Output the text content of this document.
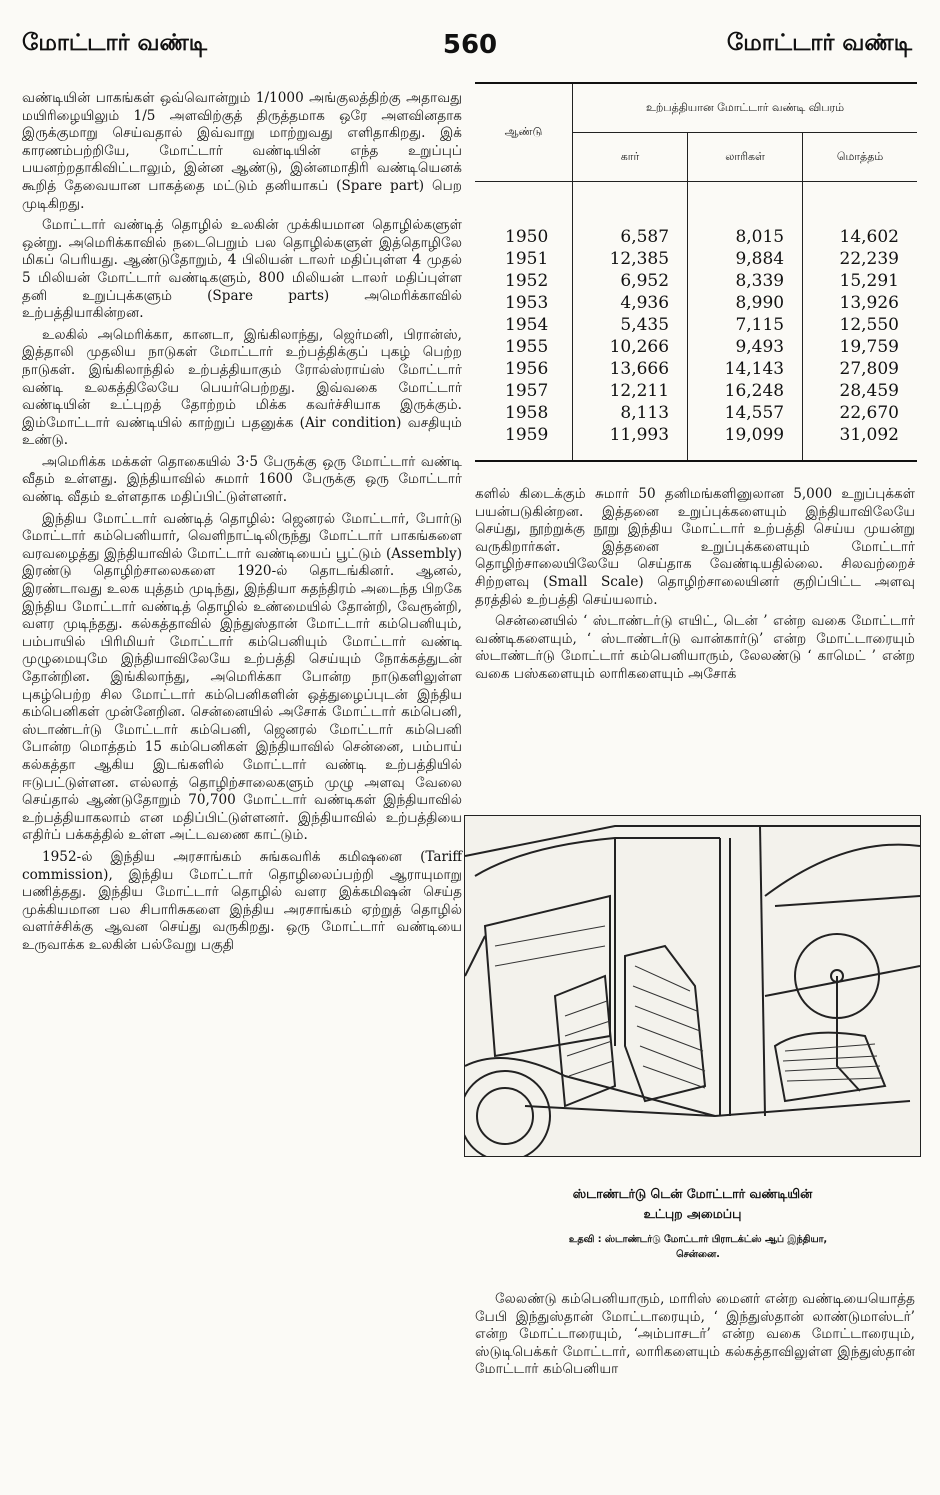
மோட்டார் வண்டி	560	மோட்டார் வண்டி

வண்டியின் பாகங்கள் ஒவ்வொன்றும் 1/1000 அங்குலத்திற்கு அதாவது மயிரிழையிலும் 1/5 அளவிற்குத் திருத்தமாக ஒரே அளவினதாக இருக்குமாறு செய்வதால் இவ்வாறு மாற்றுவது எளிதாகிறது. இக் காரணம்பற்றியே, மோட்டார் வண்டியின் எந்த உறுப்புப் பயனற்றதாகிவிட்டாலும், இன்ன ஆண்டு, இன்னமாதிரி வண்டியெனக் கூறித் தேவையான பாகத்தை மட்டும் தனியாகப் (Spare part) பெற முடிகிறது.

மோட்டார் வண்டித் தொழில் உலகின் முக்கியமான தொழில்களுள் ஒன்று. அமெரிக்காவில் நடைபெறும் பல தொழில்களுள் இத்தொழிலே மிகப் பெரியது. ஆண்டுதோறும், 4 பிலியன் டாலர் மதிப்புள்ள 4 முதல் 5 மிலியன் மோட்டார் வண்டிகளும், 800 மிலியன் டாலர் மதிப்புள்ள தனி உறுப்புக்களும் (Spare parts) அமெரிக்காவில் உற்பத்தியாகின்றன.

உலகில் அமெரிக்கா, கானடா, இங்கிலாந்து, ஜெர்மனி, பிரான்ஸ், இத்தாலி முதலிய நாடுகள் மோட்டார் உற்பத்திக்குப் புகழ் பெற்ற நாடுகள். இங்கிலாந்தில் உற்பத்தியாகும் ரோல்ஸ்ராய்ஸ் மோட்டார் வண்டி உலகத்திலேயே பெயர்பெற்றது. இவ்வகை மோட்டார் வண்டியின் உட்புறத் தோற்றம் மிக்க கவர்ச்சியாக இருக்கும். இம்மோட்டார் வண்டியில் காற்றுப் பதனுக்க (Air condition) வசதியும் உண்டு.

அமெரிக்க மக்கள் தொகையில் 3·5 பேருக்கு ஒரு மோட்டார் வண்டி வீதம் உள்ளது. இந்தியாவில் சுமார் 1600 பேருக்கு ஒரு மோட்டார் வண்டி வீதம் உள்ளதாக மதிப்பிட்டுள்ளனர்.

இந்திய மோட்டார் வண்டித் தொழில்: ஜெனரல் மோட்டார், போர்டு மோட்டார் கம்பெனியார், வெளிநாட்டிலிருந்து மோட்டார் பாகங்களை வரவழைத்து இந்தியாவில் மோட்டார் வண்டியைப் பூட்டும் (Assembly) இரண்டு தொழிற்சாலைகளை 1920-ல் தொடங்கினர். ஆனல், இரண்டாவது உலக யுத்தம் முடிந்து, இந்தியா சுதந்திரம் அடைந்த பிறகே இந்திய மோட்டார் வண்டித் தொழில் உண்மையில் தோன்றி, வேரூன்றி, வளர முடிந்தது. கல்கத்தாவில் இந்துஸ்தான் மோட்டார் கம்பெனியும், பம்பாயில் பிரிமியர் மோட்டார் கம்பெனியும் மோட்டார் வண்டி முழுமையுமே இந்தியாவிலேயே உற்பத்தி செய்யும் நோக்கத்துடன் தோன்றின. இங்கிலாந்து, அமெரிக்கா போன்ற நாடுகளிலுள்ள புகழ்பெற்ற சில மோட்டார் கம்பெனிகளின் ஒத்துழைப்புடன் இந்திய கம்பெனிகள் முன்னேறின. சென்னையில் அசோக் மோட்டார் கம்பெனி, ஸ்டாண்டர்டு மோட்டார் கம்பெனி, ஜெனரல் மோட்டார் கம்பெனி போன்ற மொத்தம் 15 கம்பெனிகள் இந்தியாவில் சென்னை, பம்பாய் கல்கத்தா ஆகிய இடங்களில் மோட்டார் வண்டி உற்பத்தியில் ஈடுபட்டுள்ளன. எல்லாத் தொழிற்சாலைகளும் முழு அளவு வேலை செய்தால் ஆண்டுதோறும் 70,700 மோட்டார் வண்டிகள் இந்தியாவில் உற்பத்தியாகலாம் என மதிப்பிட்டுள்ளனர். இந்தியாவில் உற்பத்தியை எதிர்ப் பக்கத்தில் உள்ள அட்டவணை காட்டும்.

1952-ல் இந்திய அரசாங்கம் சுங்கவரிக் கமிஷனை (Tariff commission), இந்திய மோட்டார் தொழிலைப்பற்றி ஆராயுமாறு பணித்தது. இந்திய மோட்டார் தொழில் வளர இக்கமிஷன் செய்த முக்கியமான பல சிபாரிசுகளை இந்திய அரசாங்கம் ஏற்றுத் தொழில் வளர்ச்சிக்கு ஆவன செய்து வருகிறது. ஒரு மோட்டார் வண்டியை உருவாக்க உலகின் பல்வேறு பகுதி

ஆண்டு	உற்பத்தியான மோட்டார் வண்டி விபரம்		
	கார்	லாரிகள்	மொத்தம்
1950	6,587	8,015	14,602
1951	12,385	9,884	22,239
1952	6,952	8,339	15,291
1953	4,936	8,990	13,926
1954	5,435	7,115	12,550
1955	10,266	9,493	19,759
1956	13,666	14,143	27,809
1957	12,211	16,248	28,459
1958	8,113	14,557	22,670
1959	11,993	19,099	31,092

களில் கிடைக்கும் சுமார் 50 தனிமங்களினுலான 5,000 உறுப்புக்கள் பயன்படுகின்றன. இத்தனை உறுப்புக்களையும் இந்தியாவிலேயே செய்து, நூற்றுக்கு நூறு இந்திய மோட்டார் உற்பத்தி செய்ய முயன்று வருகிறார்கள். இத்தனை உறுப்புக்களையும் மோட்டார் தொழிற்சாலையிலேயே செய்தாக வேண்டியதில்லை. சிலவற்றைச் சிற்றளவு (Small Scale) தொழிற்சாலையினர் குறிப்பிட்ட அளவு தரத்தில் உற்பத்தி செய்யலாம்.

சென்னையில் ‘ ஸ்டாண்டர்டு எயிட், டென் ’ என்ற வகை மோட்டார் வண்டிகளையும், ‘ ஸ்டாண்டர்டு வான்கார்டு’ என்ற மோட்டாரையும் ஸ்டாண்டர்டு மோட்டார் கம்பெனியாரும், லேலண்டு ‘ காமெட் ’ என்ற வகை பஸ்களையும் லாரிகளையும் அசோக்

ஸ்டாண்டர்டு டென் மோட்டார் வண்டியின்
உட்புற அமைப்பு
உதவி : ஸ்டாண்டர்டு மோட்டார் பிராடக்ட்ஸ் ஆப் இந்தியா,
சென்னை.

லேலண்டு கம்பெனியாரும், மாரிஸ் மைனர் என்ற வண்டியையொத்த பேபி இந்துஸ்தான் மோட்டாரையும், ‘ இந்துஸ்தான் லாண்டுமாஸ்டர்’ என்ற மோட்டாரையும், ‘அம்பாசடர்’ என்ற வகை மோட்டாரையும், ஸ்டுடிபெக்கர் மோட்டார், லாரிகளையும் கல்கத்தாவிலுள்ள இந்துஸ்தான் மோட்டார் கம்பெனியா
